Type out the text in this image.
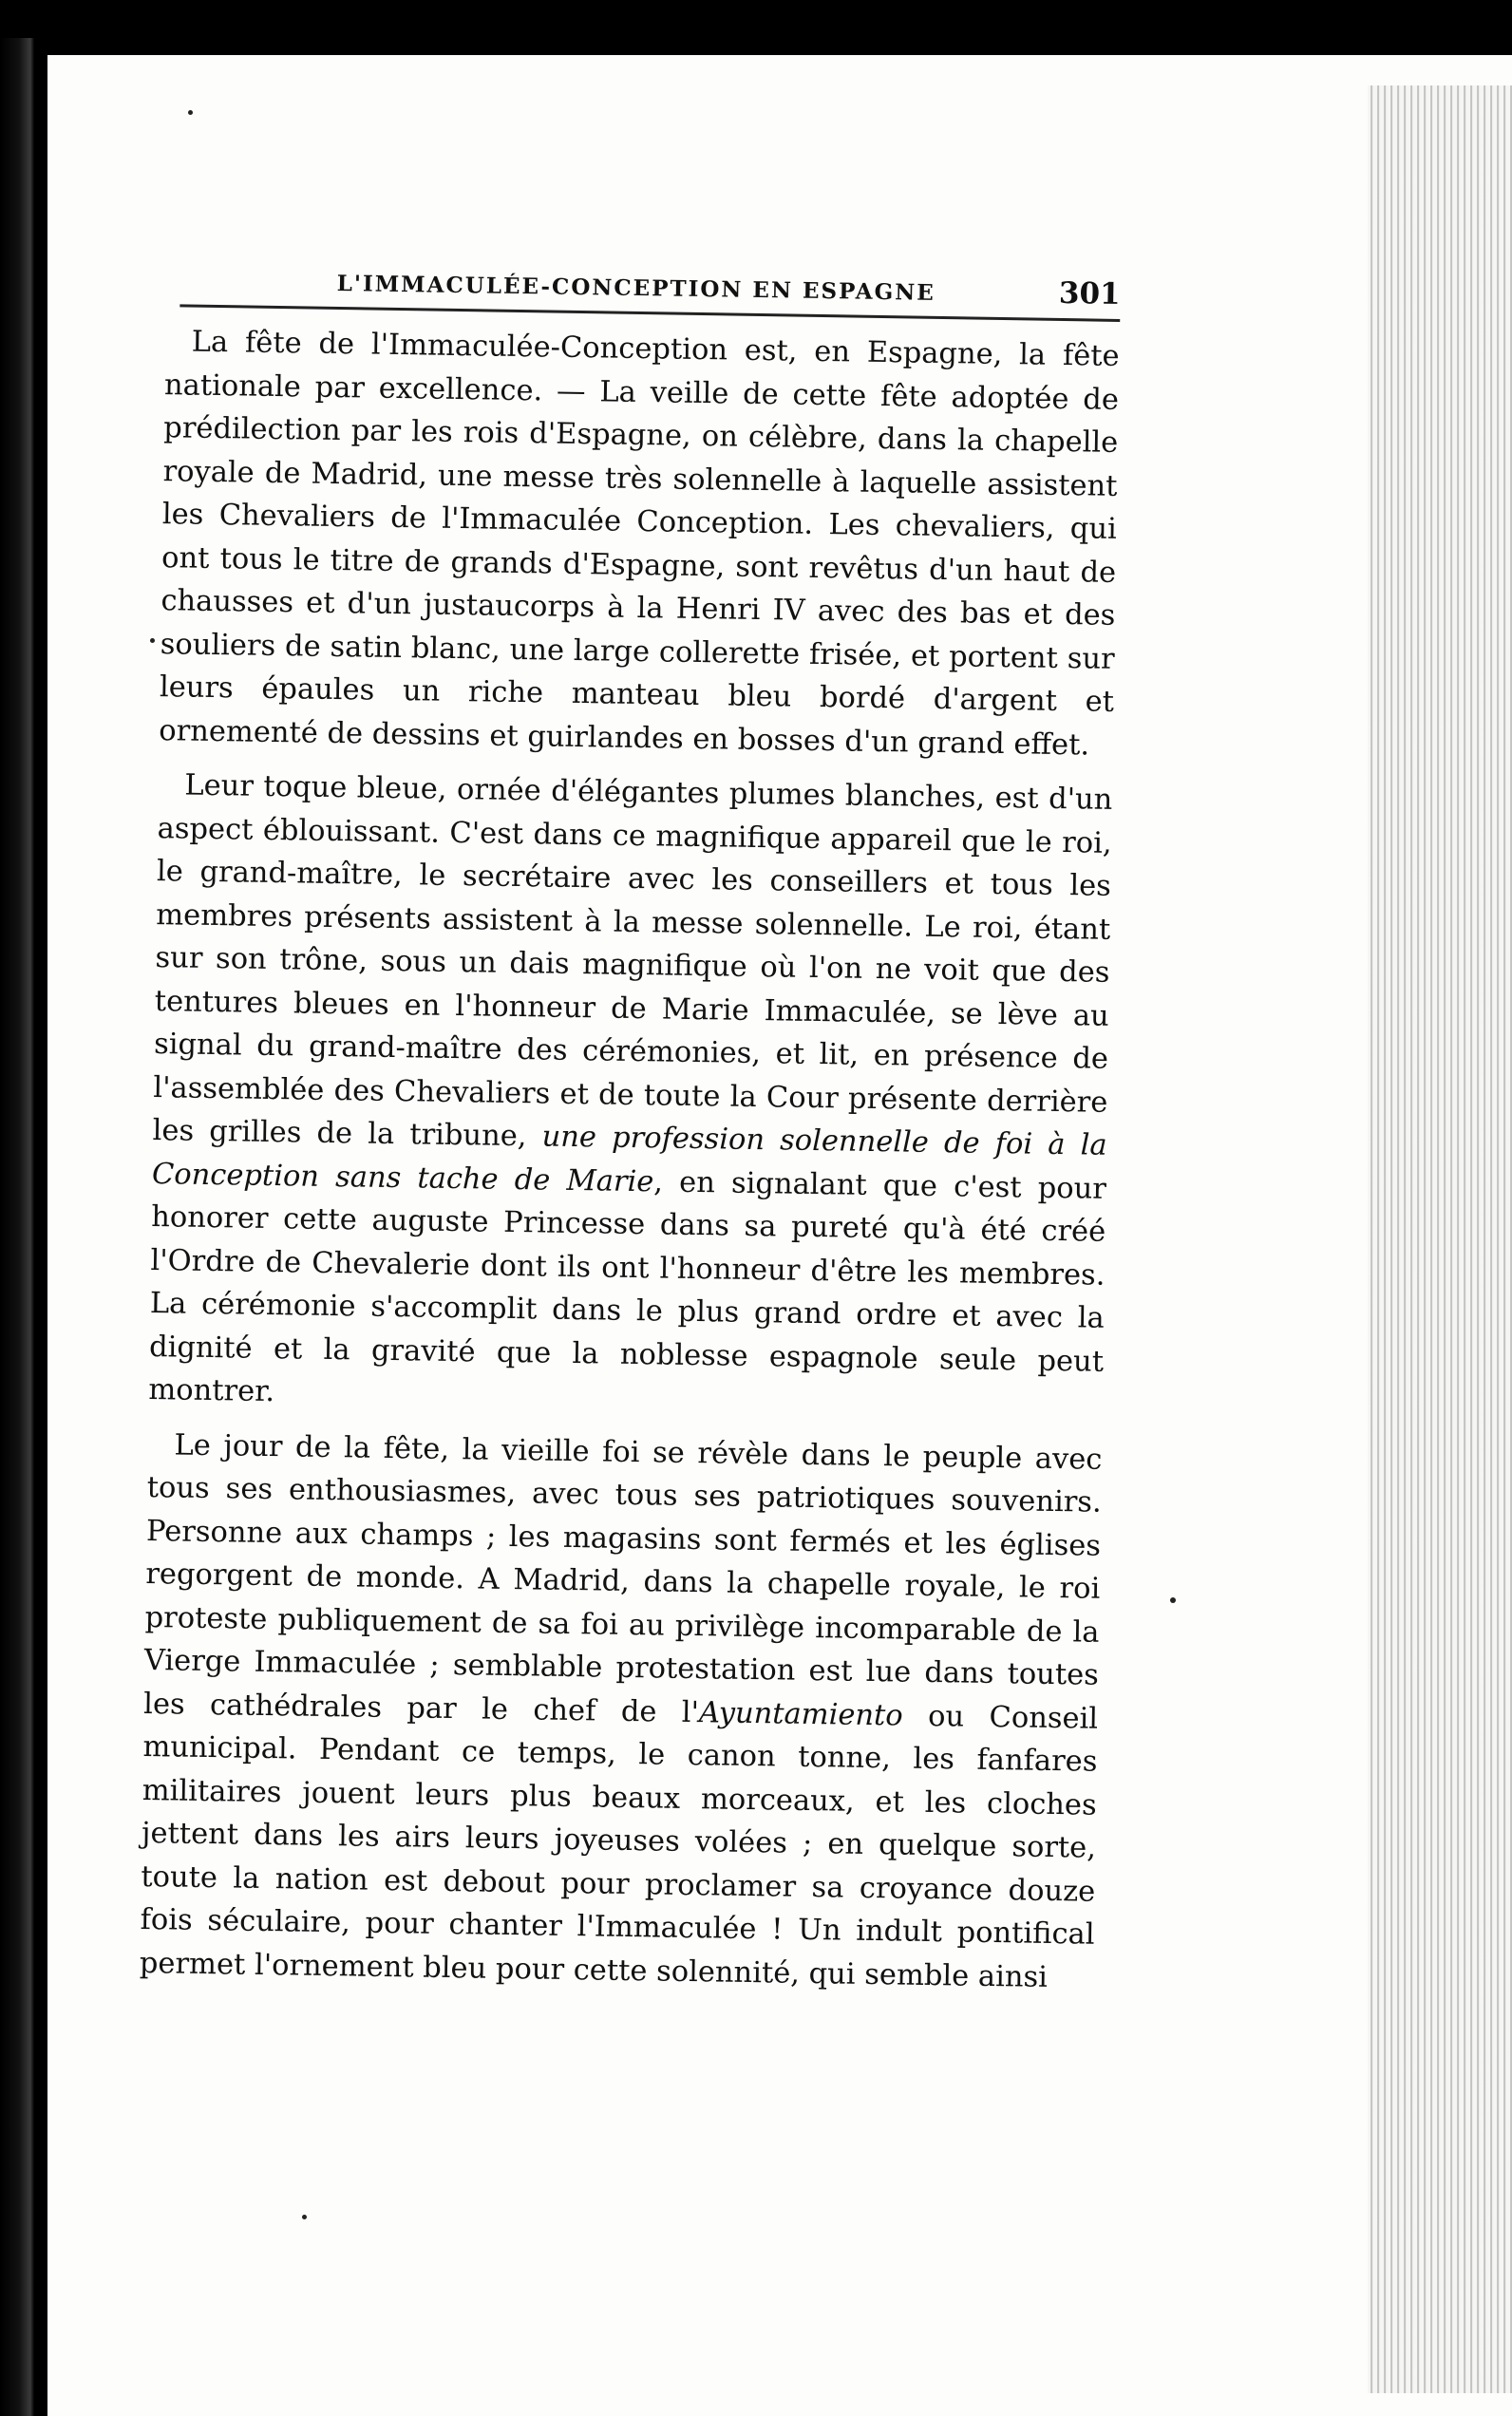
L'IMMACULÉE-CONCEPTION EN ESPAGNE	301

La fête de l'Immaculée-Conception est, en Espagne, la fête nationale par excellence. — La veille de cette fête adoptée de prédilection par les rois d'Espagne, on célèbre, dans la chapelle royale de Madrid, une messe très solennelle à laquelle assistent les Chevaliers de l'Immaculée Conception. Les chevaliers, qui ont tous le titre de grands d'Espagne, sont revêtus d'un haut de chausses et d'un justaucorps à la Henri IV avec des bas et des souliers de satin blanc, une large collerette frisée, et portent sur leurs épaules un riche manteau bleu bordé d'argent et ornementé de dessins et guirlandes en bosses d'un grand effet.

Leur toque bleue, ornée d'élégantes plumes blanches, est d'un aspect éblouissant. C'est dans ce magnifique appareil que le roi, le grand-maître, le secrétaire avec les conseillers et tous les membres présents assistent à la messe solennelle. Le roi, étant sur son trône, sous un dais magnifique où l'on ne voit que des tentures bleues en l'honneur de Marie Immaculée, se lève au signal du grand-maître des cérémonies, et lit, en présence de l'assemblée des Chevaliers et de toute la Cour présente derrière les grilles de la tribune, une profession solennelle de foi à la Conception sans tache de Marie, en signalant que c'est pour honorer cette auguste Princesse dans sa pureté qu'à été créé l'Ordre de Chevalerie dont ils ont l'honneur d'être les membres. La cérémonie s'accomplit dans le plus grand ordre et avec la dignité et la gravité que la noblesse espagnole seule peut montrer.

Le jour de la fête, la vieille foi se révèle dans le peuple avec tous ses enthousiasmes, avec tous ses patriotiques souvenirs. Personne aux champs ; les magasins sont fermés et les églises regorgent de monde. A Madrid, dans la chapelle royale, le roi proteste publiquement de sa foi au privilège incomparable de la Vierge Immaculée ; semblable protestation est lue dans toutes les cathédrales par le chef de l'Ayuntamiento ou Conseil municipal. Pendant ce temps, le canon tonne, les fanfares militaires jouent leurs plus beaux morceaux, et les cloches jettent dans les airs leurs joyeuses volées ; en quelque sorte, toute la nation est debout pour proclamer sa croyance douze fois séculaire, pour chanter l'Immaculée ! Un indult pontifical permet l'ornement bleu pour cette solennité, qui semble ainsi
